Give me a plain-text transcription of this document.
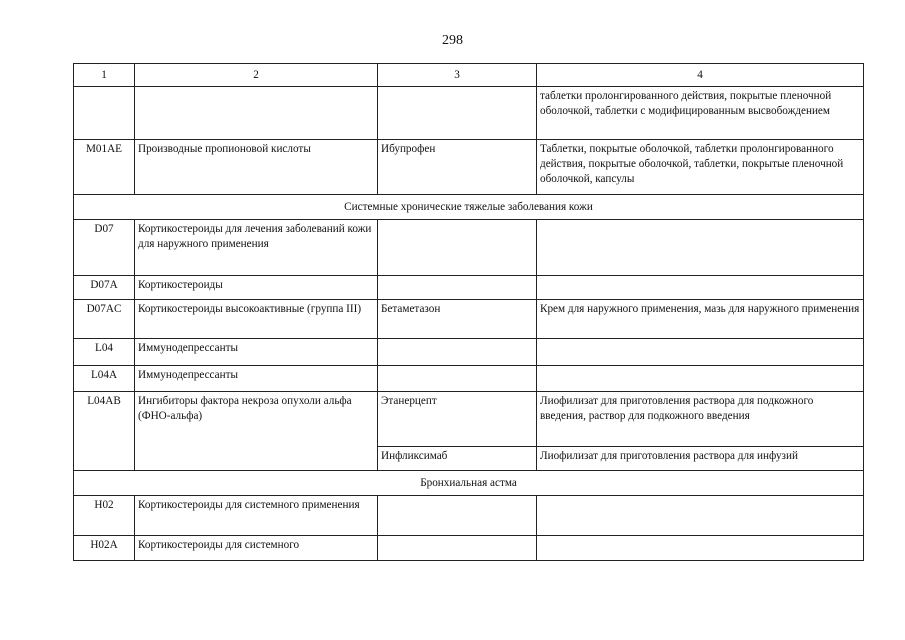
298
1	2	3	4
			таблетки пролонгированного действия, покрытые пленочной оболочкой, таблетки с модифицированным высвобождением
M01AE	Производные пропионовой кислоты	Ибупрофен	Таблетки, покрытые оболочкой, таблетки пролонгированного действия, покрытые оболочкой, таблетки, покрытые пленочной оболочкой, капсулы
Системные хронические тяжелые заболевания кожи			
D07	Кортикостероиды для лечения заболеваний кожи для наружного применения		
D07A	Кортикостероиды		
D07AC	Кортикостероиды высокоактивные (группа III)	Бетаметазон	Крем для наружного применения, мазь для наружного применения
L04	Иммунодепрессанты		
L04A	Иммунодепрессанты		
L04AB	Ингибиторы фактора некроза опухоли альфа (ФНО-альфа)	Этанерцепт	Лиофилизат для приготовления раствора для подкожного введения, раствор для подкожного введения
		Инфликсимаб	Лиофилизат для приготовления раствора для инфузий
Бронхиальная астма			
H02	Кортикостероиды для системного применения		
H02A	Кортикостероиды для системного		
